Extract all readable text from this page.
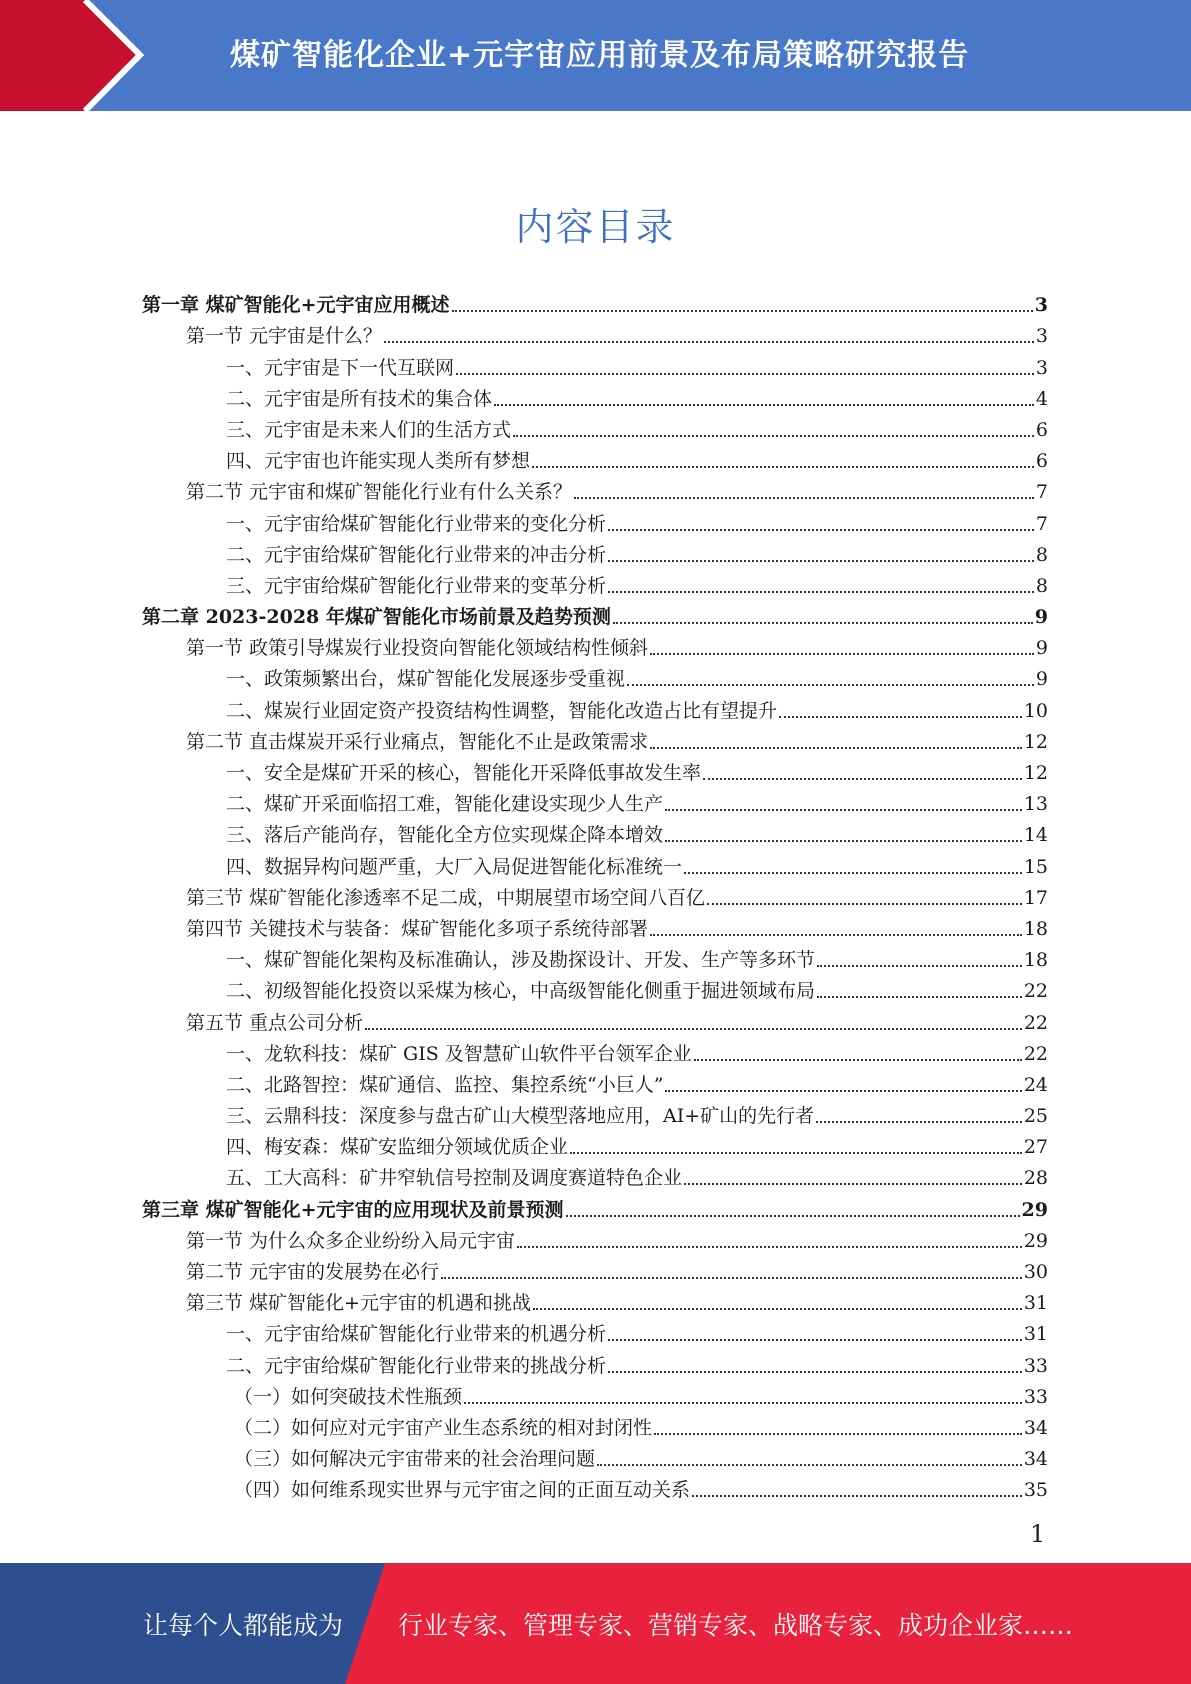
煤矿智能化企业+元宇宙应用前景及布局策略研究报告
内容目录
第一章 煤矿智能化+元宇宙应用概述	3
第一节 元宇宙是什么？	3
一、元宇宙是下一代互联网	3
二、元宇宙是所有技术的集合体	4
三、元宇宙是未来人们的生活方式	6
四、元宇宙也许能实现人类所有梦想	6
第二节 元宇宙和煤矿智能化行业有什么关系？	7
一、元宇宙给煤矿智能化行业带来的变化分析	7
二、元宇宙给煤矿智能化行业带来的冲击分析	8
三、元宇宙给煤矿智能化行业带来的变革分析	8
第二章 2023-2028 年煤矿智能化市场前景及趋势预测	9
第一节 政策引导煤炭行业投资向智能化领域结构性倾斜	9
一、政策频繁出台，煤矿智能化发展逐步受重视	9
二、煤炭行业固定资产投资结构性调整，智能化改造占比有望提升	10
第二节 直击煤炭开采行业痛点，智能化不止是政策需求	12
一、安全是煤矿开采的核心，智能化开采降低事故发生率	12
二、煤矿开采面临招工难，智能化建设实现少人生产	13
三、落后产能尚存，智能化全方位实现煤企降本增效	14
四、数据异构问题严重，大厂入局促进智能化标准统一	15
第三节 煤矿智能化渗透率不足二成，中期展望市场空间八百亿	17
第四节 关键技术与装备：煤矿智能化多项子系统待部署	18
一、煤矿智能化架构及标准确认，涉及勘探设计、开发、生产等多环节	18
二、初级智能化投资以采煤为核心，中高级智能化侧重于掘进领域布局	22
第五节 重点公司分析	22
一、龙软科技：煤矿 GIS 及智慧矿山软件平台领军企业	22
二、北路智控：煤矿通信、监控、集控系统“小巨人”	24
三、云鼎科技：深度参与盘古矿山大模型落地应用，AI+矿山的先行者	25
四、梅安森：煤矿安监细分领域优质企业	27
五、工大高科：矿井窄轨信号控制及调度赛道特色企业	28
第三章 煤矿智能化+元宇宙的应用现状及前景预测	29
第一节 为什么众多企业纷纷入局元宇宙	29
第二节 元宇宙的发展势在必行	30
第三节 煤矿智能化+元宇宙的机遇和挑战	31
一、元宇宙给煤矿智能化行业带来的机遇分析	31
二、元宇宙给煤矿智能化行业带来的挑战分析	33
（一）如何突破技术性瓶颈	33
（二）如何应对元宇宙产业生态系统的相对封闭性	34
（三）如何解决元宇宙带来的社会治理问题	34
（四）如何维系现实世界与元宇宙之间的正面互动关系	35
1
让每个人都能成为 行业专家、管理专家、营销专家、战略专家、成功企业家……
